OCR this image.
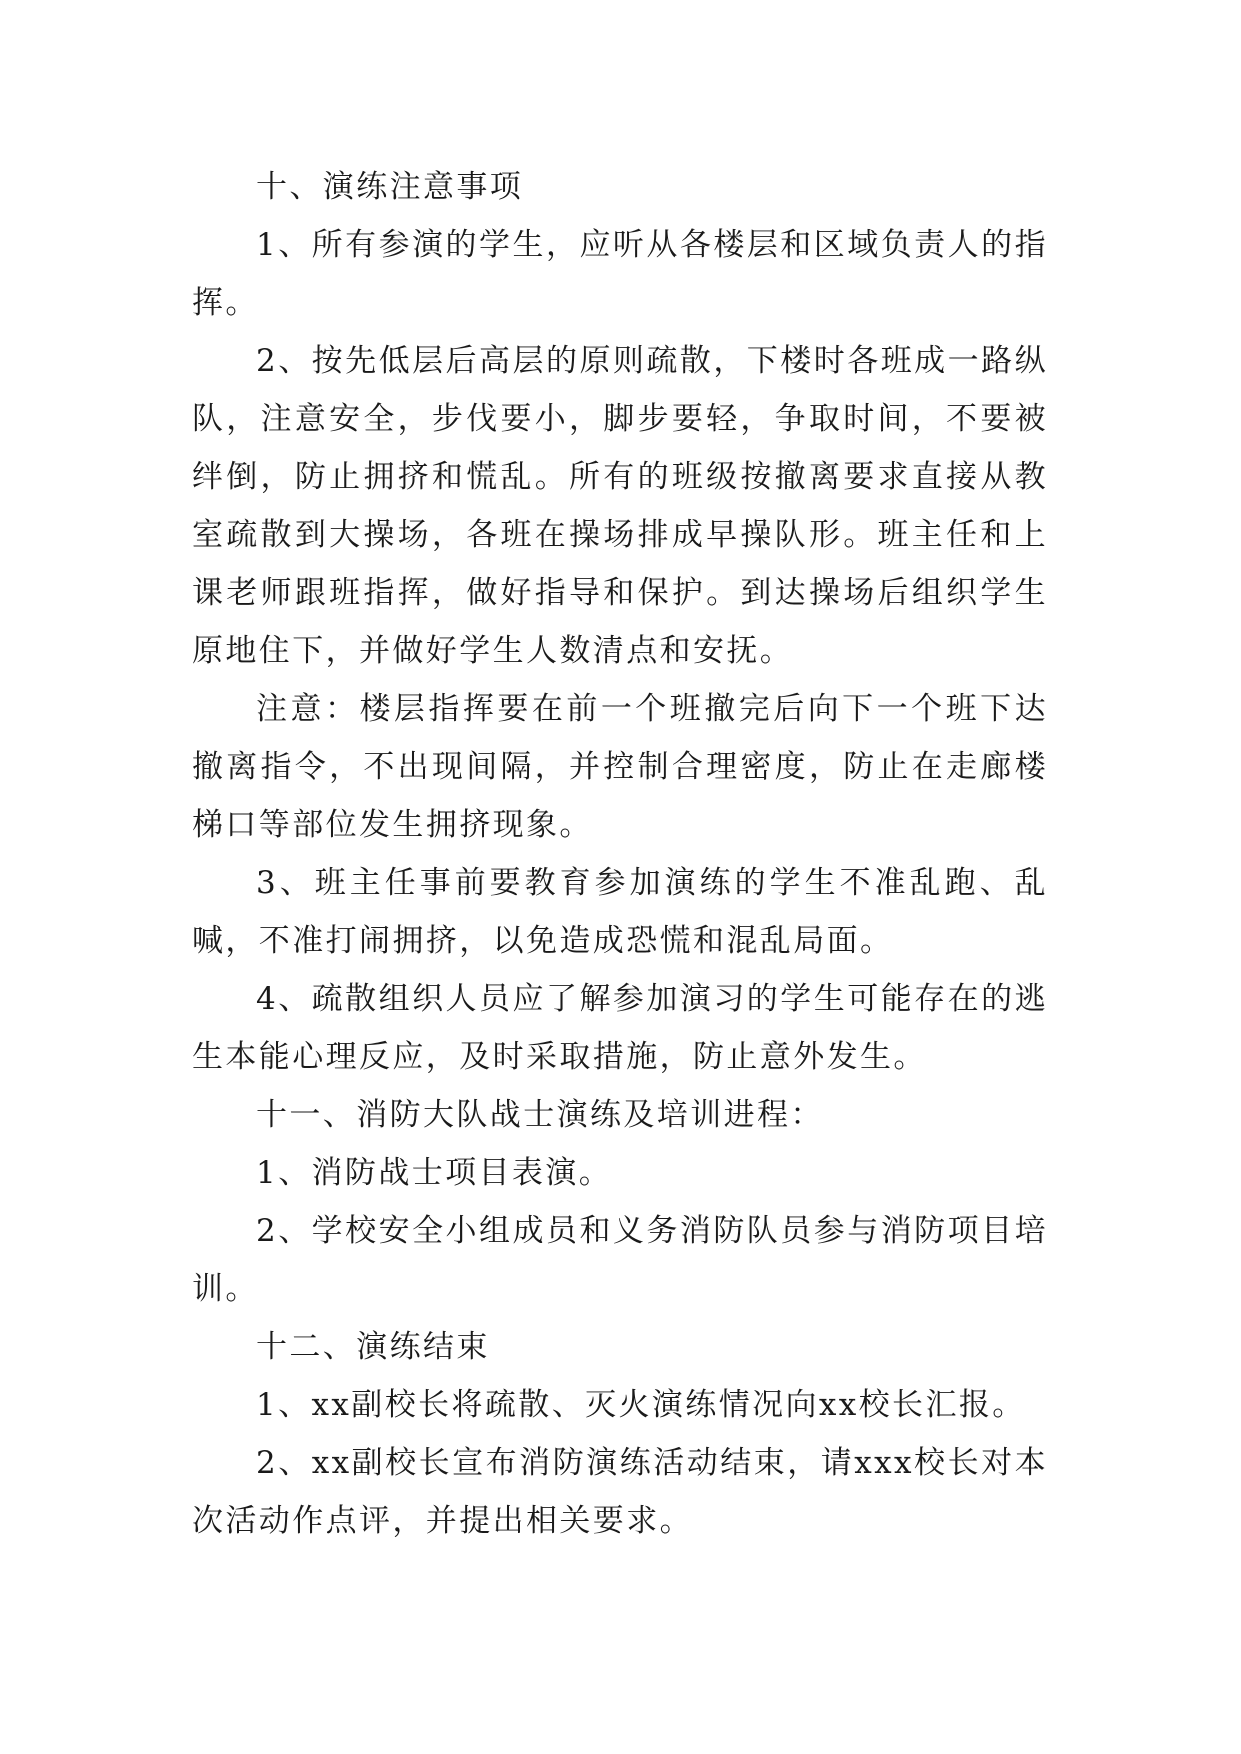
十、演练注意事项

1、所有参演的学生，应听从各楼层和区域负责人的指挥。

2、按先低层后高层的原则疏散，下楼时各班成一路纵队，注意安全，步伐要小，脚步要轻，争取时间，不要被绊倒，防止拥挤和慌乱。所有的班级按撤离要求直接从教室疏散到大操场，各班在操场排成早操队形。班主任和上课老师跟班指挥，做好指导和保护。到达操场后组织学生原地住下，并做好学生人数清点和安抚。

注意：楼层指挥要在前一个班撤完后向下一个班下达撤离指令，不出现间隔，并控制合理密度，防止在走廊楼梯口等部位发生拥挤现象。

3、班主任事前要教育参加演练的学生不准乱跑、乱喊，不准打闹拥挤，以免造成恐慌和混乱局面。

4、疏散组织人员应了解参加演习的学生可能存在的逃生本能心理反应，及时采取措施，防止意外发生。

十一、消防大队战士演练及培训进程：

1、消防战士项目表演。

2、学校安全小组成员和义务消防队员参与消防项目培训。

十二、演练结束

1、xx副校长将疏散、灭火演练情况向xx校长汇报。

2、xx副校长宣布消防演练活动结束，请xxx校长对本次活动作点评，并提出相关要求。
